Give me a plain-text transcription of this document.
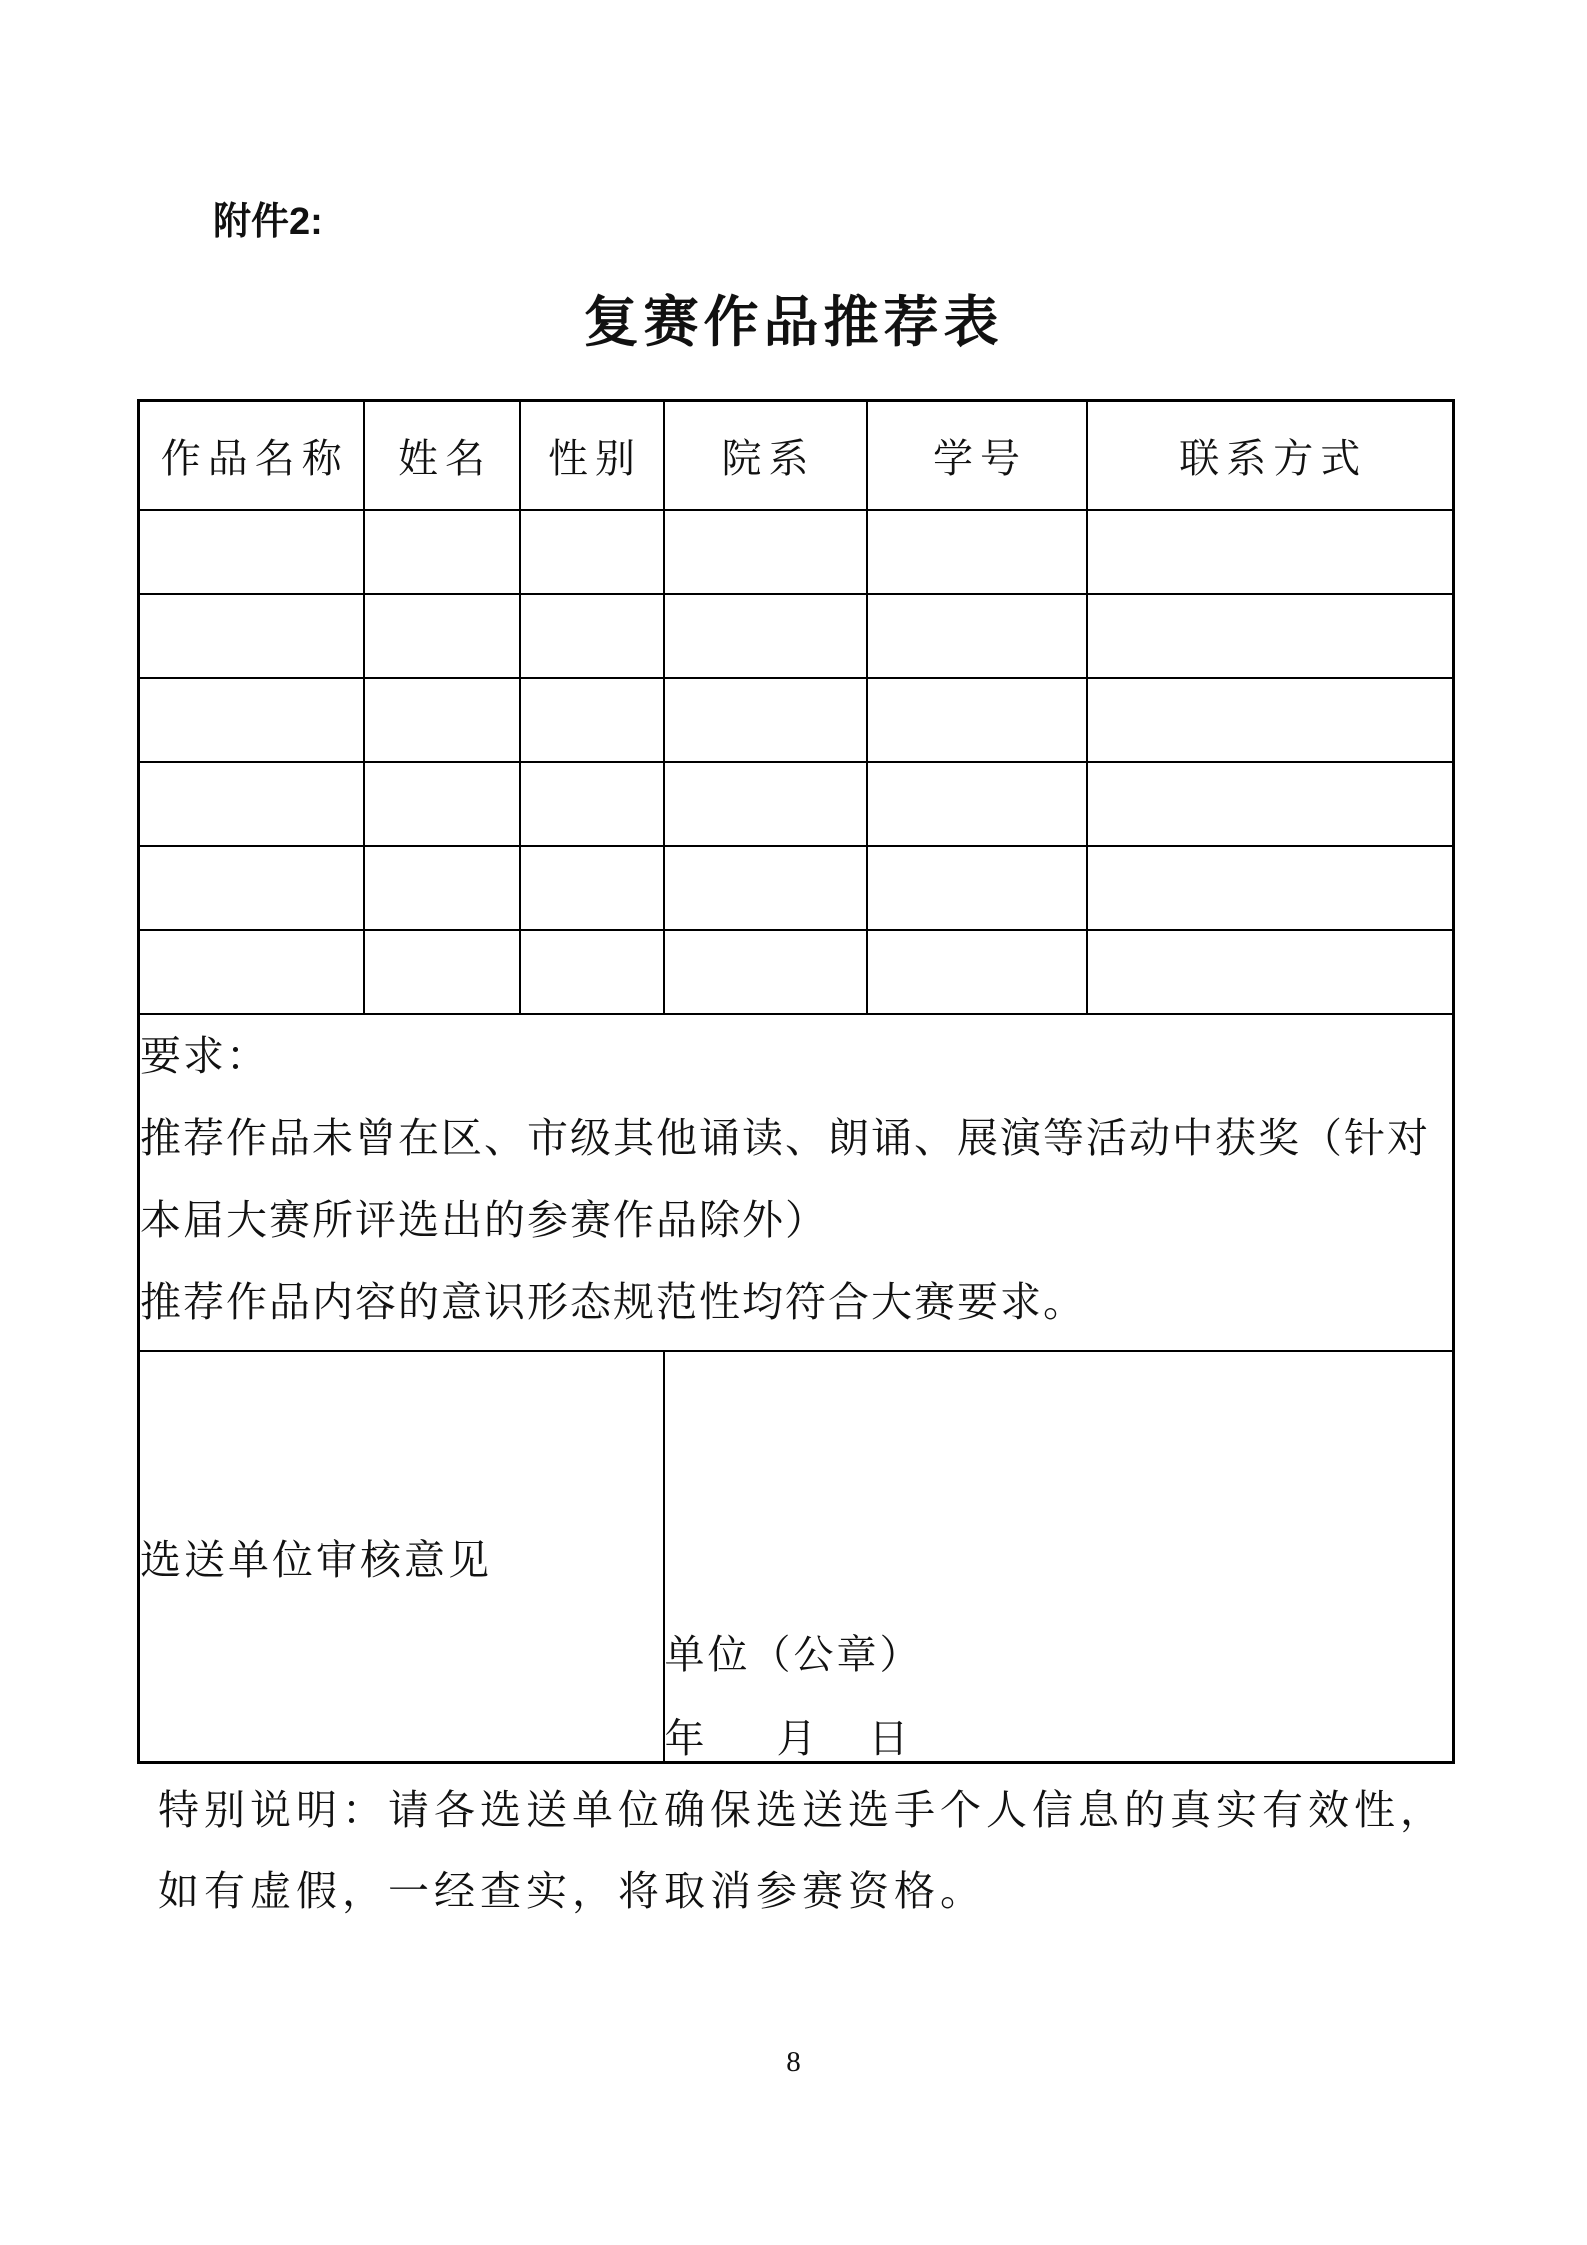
附件2:
复赛作品推荐表
作品名称	姓名	性别	院系	学号	联系方式

要求：
推荐作品未曾在区、市级其他诵读、朗诵、展演等活动中获奖（针对
本届大赛所评选出的参赛作品除外）
推荐作品内容的意识形态规范性均符合大赛要求。					

选送单位审核意见			单位（公章）
年 月 日		
特别说明：请各选送单位确保选送选手个人信息的真实有效性，
如有虚假，一经查实，将取消参赛资格。
8
